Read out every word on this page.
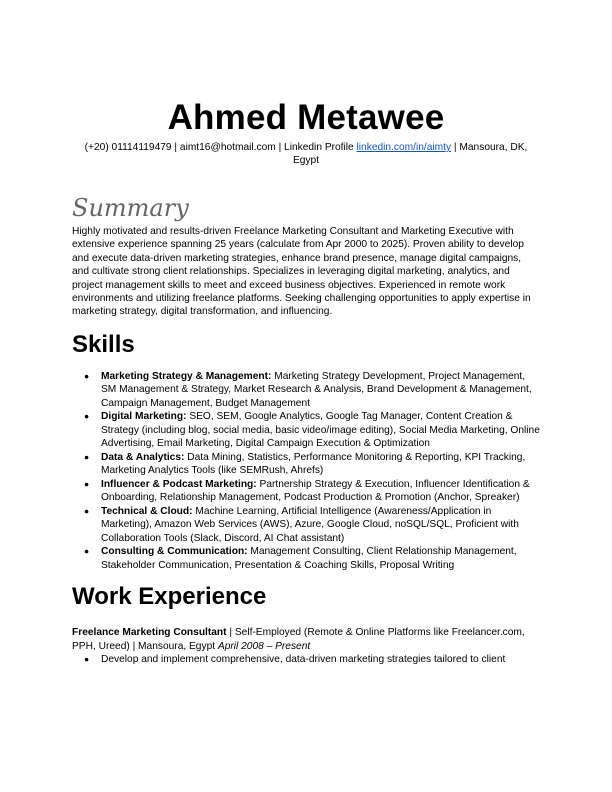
Ahmed Metawee

(+20) 01114119479 | aimt16@hotmail.com | Linkedin Profile linkedin.com/in/aimty | Mansoura, DK, Egypt

Summary

Highly motivated and results-driven Freelance Marketing Consultant and Marketing Executive with extensive experience spanning 25 years (calculate from Apr 2000 to 2025). Proven ability to develop and execute data-driven marketing strategies, enhance brand presence, manage digital campaigns, and cultivate strong client relationships. Specializes in leveraging digital marketing, analytics, and project management skills to meet and exceed business objectives. Experienced in remote work environments and utilizing freelance platforms. Seeking challenging opportunities to apply expertise in marketing strategy, digital transformation, and influencing.

Skills
● Marketing Strategy & Management: Marketing Strategy Development, Project Management, SM Management & Strategy, Market Research & Analysis, Brand Development & Management, Campaign Management, Budget Management
● Digital Marketing: SEO, SEM, Google Analytics, Google Tag Manager, Content Creation & Strategy (including blog, social media, basic video/image editing), Social Media Marketing, Online Advertising, Email Marketing, Digital Campaign Execution & Optimization
● Data & Analytics: Data Mining, Statistics, Performance Monitoring & Reporting, KPI Tracking, Marketing Analytics Tools (like SEMRush, Ahrefs)
● Influencer & Podcast Marketing: Partnership Strategy & Execution, Influencer Identification & Onboarding, Relationship Management, Podcast Production & Promotion (Anchor, Spreaker)
● Technical & Cloud: Machine Learning, Artificial Intelligence (Awareness/Application in Marketing), Amazon Web Services (AWS), Azure, Google Cloud, noSQL/SQL, Proficient with Collaboration Tools (Slack, Discord, AI Chat assistant)
● Consulting & Communication: Management Consulting, Client Relationship Management, Stakeholder Communication, Presentation & Coaching Skills, Proposal Writing
Work Experience

Freelance Marketing Consultant | Self-Employed (Remote & Online Platforms like Freelancer.com, PPH, Ureed) | Mansoura, Egypt April 2008 – Present

● Develop and implement comprehensive, data-driven marketing strategies tailored to client
